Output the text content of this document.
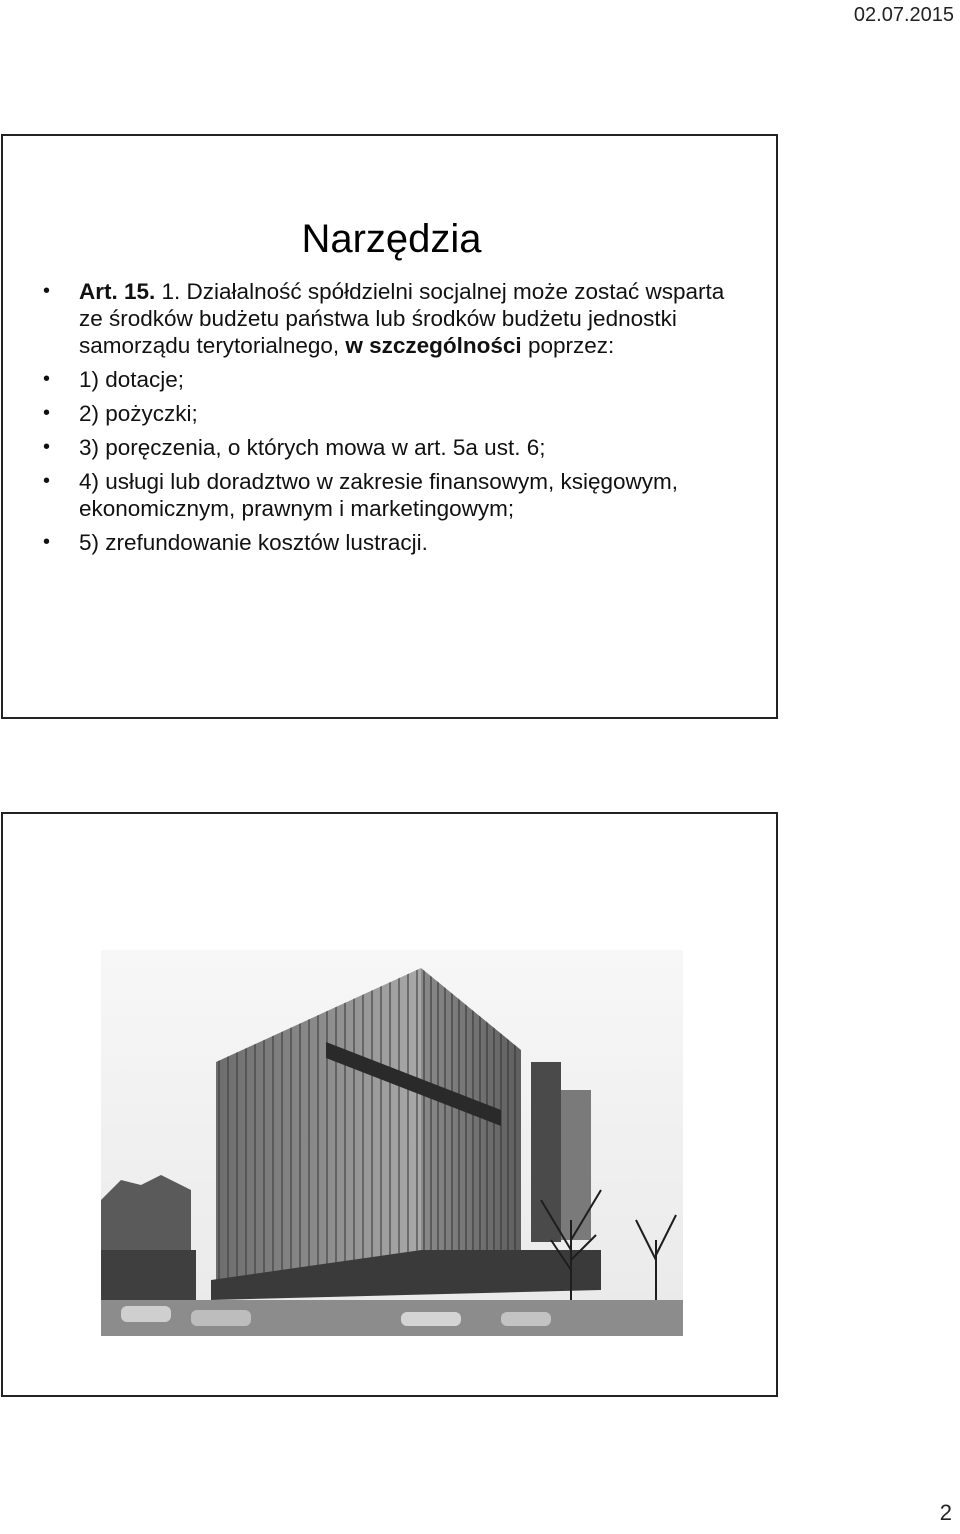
02.07.2015
Narzędzia
• Art. 15. 1. Działalność spółdzielni socjalnej może zostać wsparta ze środków budżetu państwa lub środków budżetu jednostki samorządu terytorialnego, w szczególności poprzez:
• 1) dotacje;
• 2) pożyczki;
• 3) poręczenia, o których mowa w art. 5a ust. 6;
• 4) usługi lub doradztwo w zakresie finansowym, księgowym, ekonomicznym, prawnym i marketingowym;
• 5) zrefundowanie kosztów lustracji.
2
